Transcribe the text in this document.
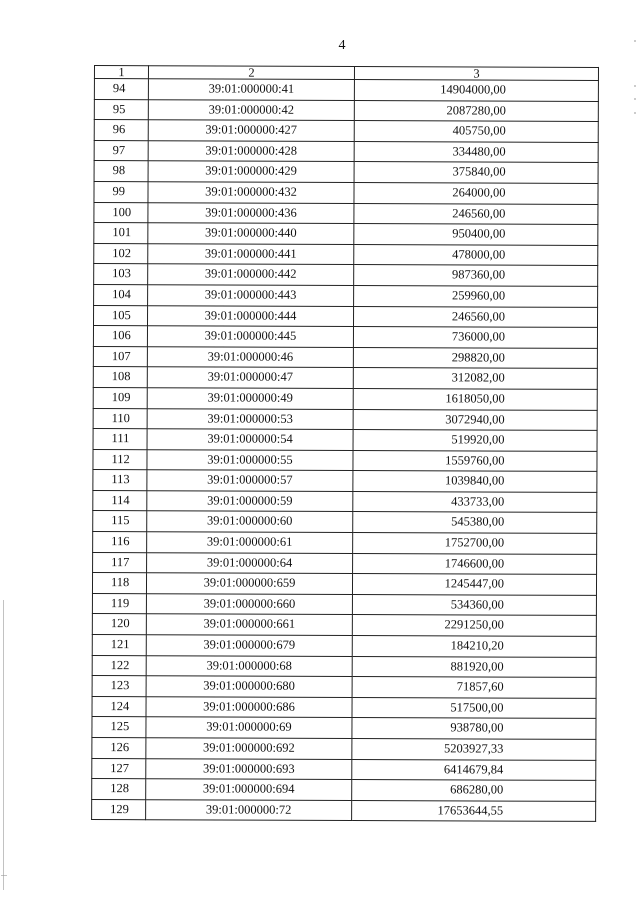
4
1	2	3
94	39:01:000000:41	14904000,00
95	39:01:000000:42	2087280,00
96	39:01:000000:427	405750,00
97	39:01:000000:428	334480,00
98	39:01:000000:429	375840,00
99	39:01:000000:432	264000,00
100	39:01:000000:436	246560,00
101	39:01:000000:440	950400,00
102	39:01:000000:441	478000,00
103	39:01:000000:442	987360,00
104	39:01:000000:443	259960,00
105	39:01:000000:444	246560,00
106	39:01:000000:445	736000,00
107	39:01:000000:46	298820,00
108	39:01:000000:47	312082,00
109	39:01:000000:49	1618050,00
110	39:01:000000:53	3072940,00
111	39:01:000000:54	519920,00
112	39:01:000000:55	1559760,00
113	39:01:000000:57	1039840,00
114	39:01:000000:59	433733,00
115	39:01:000000:60	545380,00
116	39:01:000000:61	1752700,00
117	39:01:000000:64	1746600,00
118	39:01:000000:659	1245447,00
119	39:01:000000:660	534360,00
120	39:01:000000:661	2291250,00
121	39:01:000000:679	184210,20
122	39:01:000000:68	881920,00
123	39:01:000000:680	71857,60
124	39:01:000000:686	517500,00
125	39:01:000000:69	938780,00
126	39:01:000000:692	5203927,33
127	39:01:000000:693	6414679,84
128	39:01:000000:694	686280,00
129	39:01:000000:72	17653644,55
